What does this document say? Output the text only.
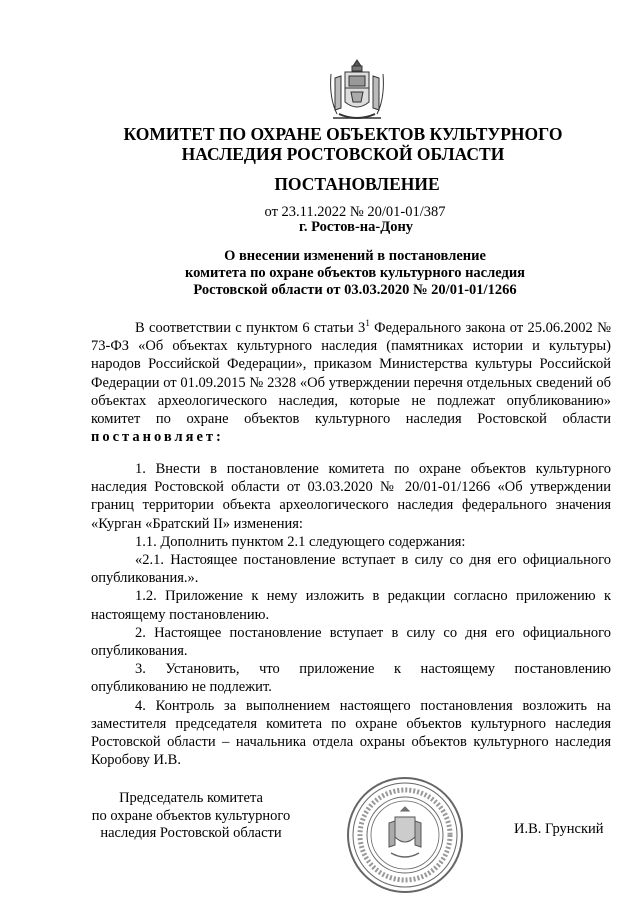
КОМИТЕТ ПО ОХРАНЕ ОБЪЕКТОВ КУЛЬТУРНОГО
НАСЛЕДИЯ РОСТОВСКОЙ ОБЛАСТИ
ПОСТАНОВЛЕНИЕ
от 23.11.2022 № 20/01-01/387
г. Ростов-на-Дону
О внесении изменений в постановление
комитета по охране объектов культурного наследия
Ростовской области от 03.03.2020 № 20/01-01/1266

В соответствии с пунктом 6 статьи $3^1$ Федерального закона от 25.06.2002 № 73-ФЗ «Об объектах культурного наследия (памятниках истории и культуры) народов Российской Федерации», приказом Министерства культуры Российской Федерации от 01.09.2015 № 2328 «Об утверждении перечня отдельных сведений об объектах археологического наследия, которые не подлежат опубликованию» комитет по охране объектов культурного наследия Ростовской области постановляет:

1. Внести в постановление комитета по охране объектов культурного наследия Ростовской области от 03.03.2020 № 20/01-01/1266 «Об утверждении границ территории объекта археологического наследия федерального значения «Курган «Братский II» изменения:

1.1. Дополнить пунктом 2.1 следующего содержания:

«2.1. Настоящее постановление вступает в силу со дня его официального опубликования.».

1.2. Приложение к нему изложить в редакции согласно приложению к настоящему постановлению.

2. Настоящее постановление вступает в силу со дня его официального опубликования.

3. Установить, что приложение к настоящему постановлению опубликованию не подлежит.

4. Контроль за выполнением настоящего постановления возложить на заместителя председателя комитета по охране объектов культурного наследия Ростовской области – начальника отдела охраны объектов культурного наследия Коробову И.В.

Председатель комитета
по охране объектов культурного
наследия Ростовской области	И.В. Грунский
